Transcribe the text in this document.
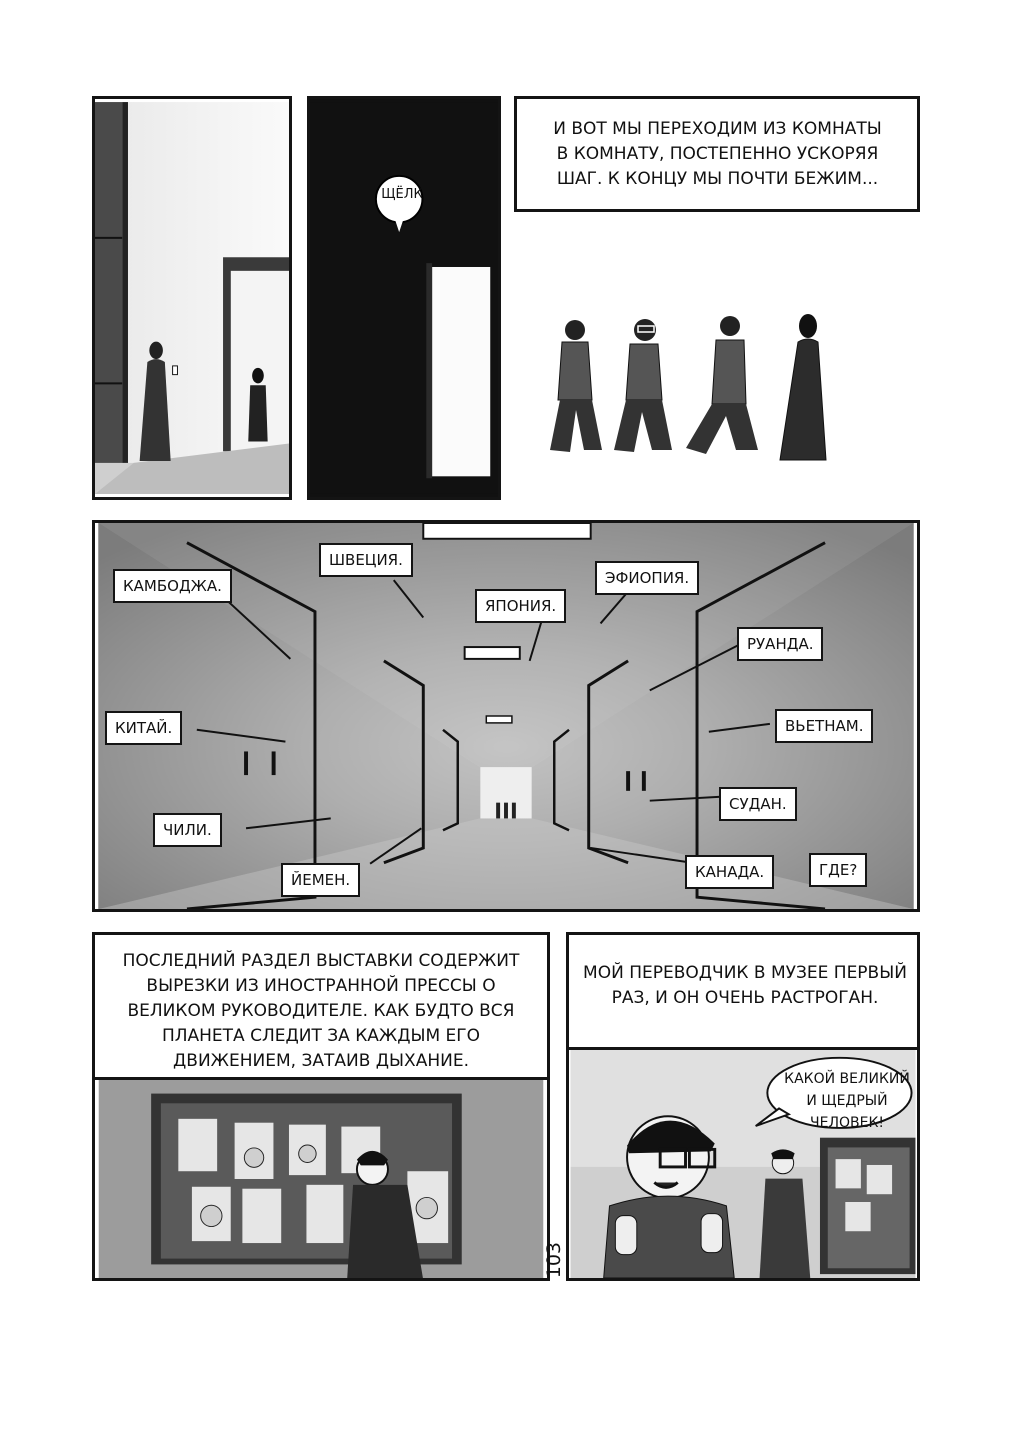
ЩЁЛК
И ВОТ МЫ ПЕРЕХОДИМ ИЗ КОМНАТЫ В КОМНАТУ, ПОСТЕПЕННО УСКОРЯЯ ШАГ. К КОНЦУ МЫ ПОЧТИ БЕЖИМ...
КАМБОДЖА.
ШВЕЦИЯ.
ЯПОНИЯ.
ЭФИОПИЯ.
РУАНДА.
КИТАЙ.	ВЬЕТНАМ.
СУДАН.
ЧИЛИ.
ЙЕМЕН.	КАНАДА.	ГДЕ?
ПОСЛЕДНИЙ РАЗДЕЛ ВЫСТАВКИ СОДЕРЖИТ ВЫРЕЗКИ ИЗ ИНОСТРАННОЙ ПРЕССЫ О ВЕЛИКОМ РУКОВОДИТЕЛЕ. КАК БУДТО ВСЯ ПЛАНЕТА СЛЕДИТ ЗА КАЖДЫМ ЕГО ДВИЖЕНИЕМ, ЗАТАИВ ДЫХАНИЕ.
103
МОЙ ПЕРЕВОДЧИК В МУЗЕЕ ПЕРВЫЙ РАЗ, И ОН ОЧЕНЬ РАСТРОГАН.
КАКОЙ ВЕЛИКИЙ И ЩЕДРЫЙ ЧЕЛОВЕК!
